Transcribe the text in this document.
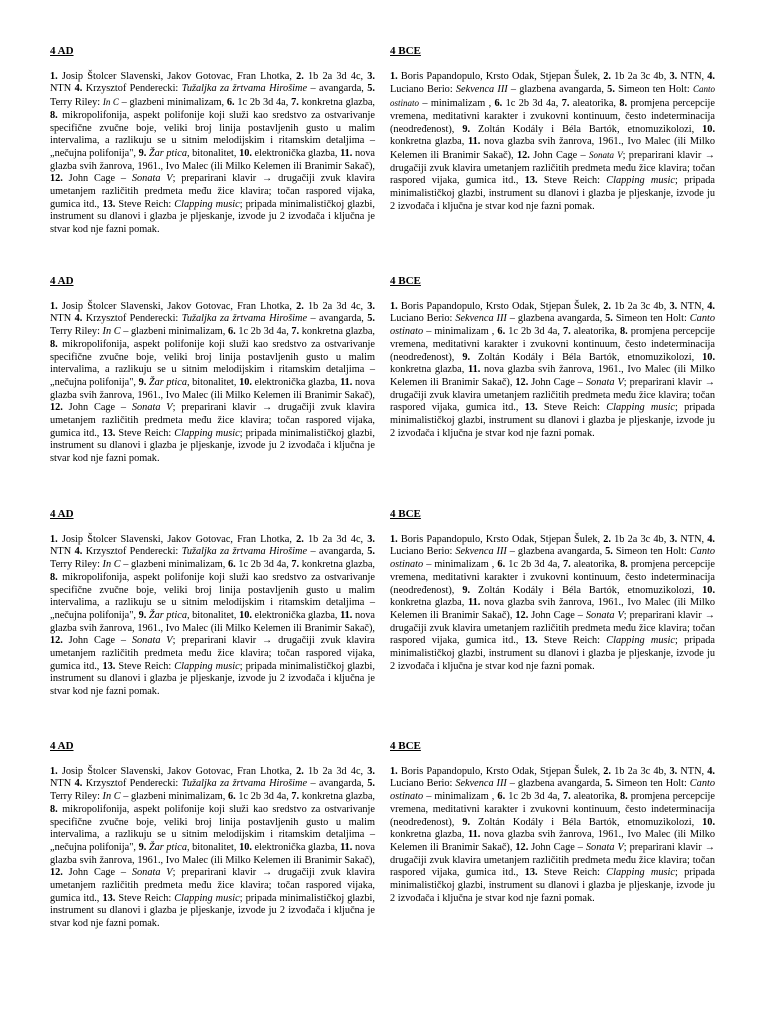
4 AD

1. Josip Štolcer Slavenski, Jakov Gotovac, Fran Lhotka, 2. 1b 2a 3d 4c, 3. NTN 4. Krzysztof Penderecki: Tužaljka za žrtvama Hirošime – avangarda, 5. Terry Riley: In C – glazbeni minimalizam, 6. 1c 2b 3d 4a, 7. konkretna glazba, 8. mikropolifonija, aspekt polifonije koji služi kao sredstvo za ostvarivanje specifične zvučne boje, veliki broj linija postavljenih gusto u malim intervalima, a razlikuju se u sitnim melodijskim i ritamskim detaljima – „nečujna polifonija", 9. Žar ptica, bitonalitet, 10. elektronička glazba, 11. nova glazba svih žanrova, 1961., Ivo Malec (ili Milko Kelemen ili Branimir Sakač), 12. John Cage – Sonata V; preparirani klavir → drugačiji zvuk klavira umetanjem različitih predmeta među žice klavira; točan raspored vijaka, gumica itd., 13. Steve Reich: Clapping music; pripada minimalističkoj glazbi, instrument su dlanovi i glazba je pljeskanje, izvode ju 2 izvođača i ključna je stvar kod nje fazni pomak.

4 BCE

1. Boris Papandopulo, Krsto Odak, Stjepan Šulek, 2. 1b 2a 3c 4b, 3. NTN, 4. Luciano Berio: Sekvenca III – glazbena avangarda, 5. Simeon ten Holt: Canto ostinato – minimalizam , 6. 1c 2b 3d 4a, 7. aleatorika, 8. promjena percepcije vremena, meditativni karakter i zvukovni kontinuum, često indeterminacija (neodređenost), 9. Zoltán Kodály i Béla Bartók, etnomuzikolozi, 10. konkretna glazba, 11. nova glazba svih žanrova, 1961., Ivo Malec (ili Milko Kelemen ili Branimir Sakač), 12. John Cage – Sonata V; preparirani klavir → drugačiji zvuk klavira umetanjem različitih predmeta među žice klavira; točan raspored vijaka, gumica itd., 13. Steve Reich: Clapping music; pripada minimalističkoj glazbi, instrument su dlanovi i glazba je pljeskanje, izvode ju 2 izvođača i ključna je stvar kod nje fazni pomak.

4 AD

1. Josip Štolcer Slavenski, Jakov Gotovac, Fran Lhotka, 2. 1b 2a 3d 4c, 3. NTN 4. Krzysztof Penderecki: Tužaljka za žrtvama Hirošime – avangarda, 5. Terry Riley: In C – glazbeni minimalizam, 6. 1c 2b 3d 4a, 7. konkretna glazba, 8. mikropolifonija, aspekt polifonije koji služi kao sredstvo za ostvarivanje specifične zvučne boje, veliki broj linija postavljenih gusto u malim intervalima, a razlikuju se u sitnim melodijskim i ritamskim detaljima – „nečujna polifonija", 9. Žar ptica, bitonalitet, 10. elektronička glazba, 11. nova glazba svih žanrova, 1961., Ivo Malec (ili Milko Kelemen ili Branimir Sakač), 12. John Cage – Sonata V; preparirani klavir → drugačiji zvuk klavira umetanjem različitih predmeta među žice klavira; točan raspored vijaka, gumica itd., 13. Steve Reich: Clapping music; pripada minimalističkoj glazbi, instrument su dlanovi i glazba je pljeskanje, izvode ju 2 izvođača i ključna je stvar kod nje fazni pomak.

4 BCE

1. Boris Papandopulo, Krsto Odak, Stjepan Šulek, 2. 1b 2a 3c 4b, 3. NTN, 4. Luciano Berio: Sekvenca III – glazbena avangarda, 5. Simeon ten Holt: Canto ostinato – minimalizam , 6. 1c 2b 3d 4a, 7. aleatorika, 8. promjena percepcije vremena, meditativni karakter i zvukovni kontinuum, često indeterminacija (neodređenost), 9. Zoltán Kodály i Béla Bartók, etnomuzikolozi, 10. konkretna glazba, 11. nova glazba svih žanrova, 1961., Ivo Malec (ili Milko Kelemen ili Branimir Sakač), 12. John Cage – Sonata V; preparirani klavir → drugačiji zvuk klavira umetanjem različitih predmeta među žice klavira; točan raspored vijaka, gumica itd., 13. Steve Reich: Clapping music; pripada minimalističkoj glazbi, instrument su dlanovi i glazba je pljeskanje, izvode ju 2 izvođača i ključna je stvar kod nje fazni pomak.

4 AD

1. Josip Štolcer Slavenski, Jakov Gotovac, Fran Lhotka, 2. 1b 2a 3d 4c, 3. NTN 4. Krzysztof Penderecki: Tužaljka za žrtvama Hirošime – avangarda, 5. Terry Riley: In C – glazbeni minimalizam, 6. 1c 2b 3d 4a, 7. konkretna glazba, 8. mikropolifonija, aspekt polifonije koji služi kao sredstvo za ostvarivanje specifične zvučne boje, veliki broj linija postavljenih gusto u malim intervalima, a razlikuju se u sitnim melodijskim i ritamskim detaljima – „nečujna polifonija", 9. Žar ptica, bitonalitet, 10. elektronička glazba, 11. nova glazba svih žanrova, 1961., Ivo Malec (ili Milko Kelemen ili Branimir Sakač), 12. John Cage – Sonata V; preparirani klavir → drugačiji zvuk klavira umetanjem različitih predmeta među žice klavira; točan raspored vijaka, gumica itd., 13. Steve Reich: Clapping music; pripada minimalističkoj glazbi, instrument su dlanovi i glazba je pljeskanje, izvode ju 2 izvođača i ključna je stvar kod nje fazni pomak.

4 BCE

1. Boris Papandopulo, Krsto Odak, Stjepan Šulek, 2. 1b 2a 3c 4b, 3. NTN, 4. Luciano Berio: Sekvenca III – glazbena avangarda, 5. Simeon ten Holt: Canto ostinato – minimalizam , 6. 1c 2b 3d 4a, 7. aleatorika, 8. promjena percepcije vremena, meditativni karakter i zvukovni kontinuum, često indeterminacija (neodređenost), 9. Zoltán Kodály i Béla Bartók, etnomuzikolozi, 10. konkretna glazba, 11. nova glazba svih žanrova, 1961., Ivo Malec (ili Milko Kelemen ili Branimir Sakač), 12. John Cage – Sonata V; preparirani klavir → drugačiji zvuk klavira umetanjem različitih predmeta među žice klavira; točan raspored vijaka, gumica itd., 13. Steve Reich: Clapping music; pripada minimalističkoj glazbi, instrument su dlanovi i glazba je pljeskanje, izvode ju 2 izvođača i ključna je stvar kod nje fazni pomak.

4 AD

1. Josip Štolcer Slavenski, Jakov Gotovac, Fran Lhotka, 2. 1b 2a 3d 4c, 3. NTN 4. Krzysztof Penderecki: Tužaljka za žrtvama Hirošime – avangarda, 5. Terry Riley: In C – glazbeni minimalizam, 6. 1c 2b 3d 4a, 7. konkretna glazba, 8. mikropolifonija, aspekt polifonije koji služi kao sredstvo za ostvarivanje specifične zvučne boje, veliki broj linija postavljenih gusto u malim intervalima, a razlikuju se u sitnim melodijskim i ritamskim detaljima – „nečujna polifonija", 9. Žar ptica, bitonalitet, 10. elektronička glazba, 11. nova glazba svih žanrova, 1961., Ivo Malec (ili Milko Kelemen ili Branimir Sakač), 12. John Cage – Sonata V; preparirani klavir → drugačiji zvuk klavira umetanjem različitih predmeta među žice klavira; točan raspored vijaka, gumica itd., 13. Steve Reich: Clapping music; pripada minimalističkoj glazbi, instrument su dlanovi i glazba je pljeskanje, izvode ju 2 izvođača i ključna je stvar kod nje fazni pomak.

4 BCE

1. Boris Papandopulo, Krsto Odak, Stjepan Šulek, 2. 1b 2a 3c 4b, 3. NTN, 4. Luciano Berio: Sekvenca III – glazbena avangarda, 5. Simeon ten Holt: Canto ostinato – minimalizam , 6. 1c 2b 3d 4a, 7. aleatorika, 8. promjena percepcije vremena, meditativni karakter i zvukovni kontinuum, često indeterminacija (neodređenost), 9. Zoltán Kodály i Béla Bartók, etnomuzikolozi, 10. konkretna glazba, 11. nova glazba svih žanrova, 1961., Ivo Malec (ili Milko Kelemen ili Branimir Sakač), 12. John Cage – Sonata V; preparirani klavir → drugačiji zvuk klavira umetanjem različitih predmeta među žice klavira; točan raspored vijaka, gumica itd., 13. Steve Reich: Clapping music; pripada minimalističkoj glazbi, instrument su dlanovi i glazba je pljeskanje, izvode ju 2 izvođača i ključna je stvar kod nje fazni pomak.
